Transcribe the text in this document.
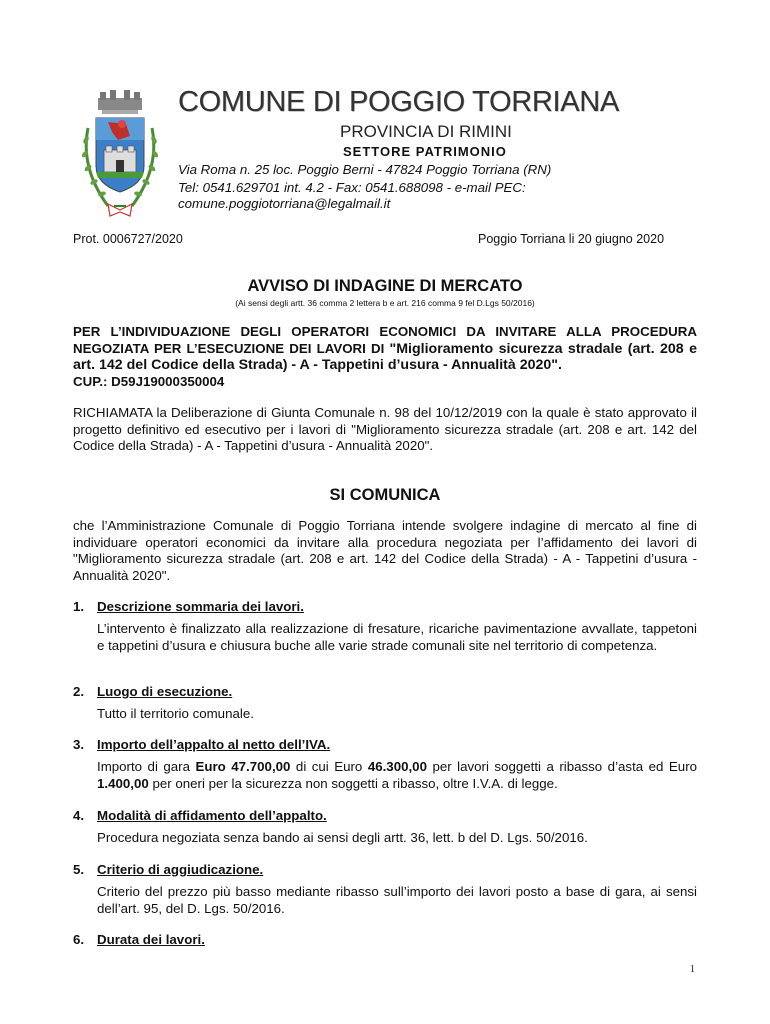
COMUNE DI POGGIO TORRIANA
PROVINCIA DI RIMINI
SETTORE PATRIMONIO
Via Roma n. 25 loc. Poggio Berni - 47824 Poggio Torriana (RN)
Tel: 0541.629701 int. 4.2 - Fax: 0541.688098 - e-mail PEC:
comune.poggiotorriana@legalmail.it
Prot. 0006727/2020	Poggio Torriana li 20 giugno 2020
AVVISO DI INDAGINE DI MERCATO
(Ai sensi degli artt. 36 comma 2 lettera b e art. 216 comma 9 fel D.Lgs 50/2016)
PER L’INDIVIDUAZIONE DEGLI OPERATORI ECONOMICI DA INVITARE ALLA PROCEDURA NEGOZIATA PER L’ESECUZIONE DEI LAVORI DI "Miglioramento sicurezza stradale (art. 208 e art. 142 del Codice della Strada) - A - Tappetini d’usura - Annualità 2020".
CUP.: D59J19000350004
RICHIAMATA la Deliberazione di Giunta Comunale n. 98 del 10/12/2019 con la quale è stato approvato il progetto definitivo ed esecutivo per i lavori di "Miglioramento sicurezza stradale (art. 208 e art. 142 del Codice della Strada) - A - Tappetini d’usura - Annualità 2020".
SI COMUNICA
che l’Amministrazione Comunale di Poggio Torriana intende svolgere indagine di mercato al fine di individuare operatori economici da invitare alla procedura negoziata per l’affidamento dei lavori di "Miglioramento sicurezza stradale (art. 208 e art. 142 del Codice della Strada) - A - Tappetini d’usura - Annualità 2020".
1. Descrizione sommaria dei lavori.
L’intervento è finalizzato alla realizzazione di fresature, ricariche pavimentazione avvallate, tappetoni e tappetini d’usura e chiusura buche alle varie strade comunali site nel territorio di competenza.
2. Luogo di esecuzione.
Tutto il territorio comunale.
3. Importo dell’appalto al netto dell’IVA.
Importo di gara Euro 47.700,00 di cui Euro 46.300,00 per lavori soggetti a ribasso d’asta ed Euro 1.400,00 per oneri per la sicurezza non soggetti a ribasso, oltre I.V.A. di legge.
4. Modalità di affidamento dell’appalto.
Procedura negoziata senza bando ai sensi degli artt. 36, lett. b del D. Lgs. 50/2016.
5. Criterio di aggiudicazione.
Criterio del prezzo più basso mediante ribasso sull’importo dei lavori posto a base di gara, ai sensi dell’art. 95, del D. Lgs. 50/2016.
6. Durata dei lavori.
1
